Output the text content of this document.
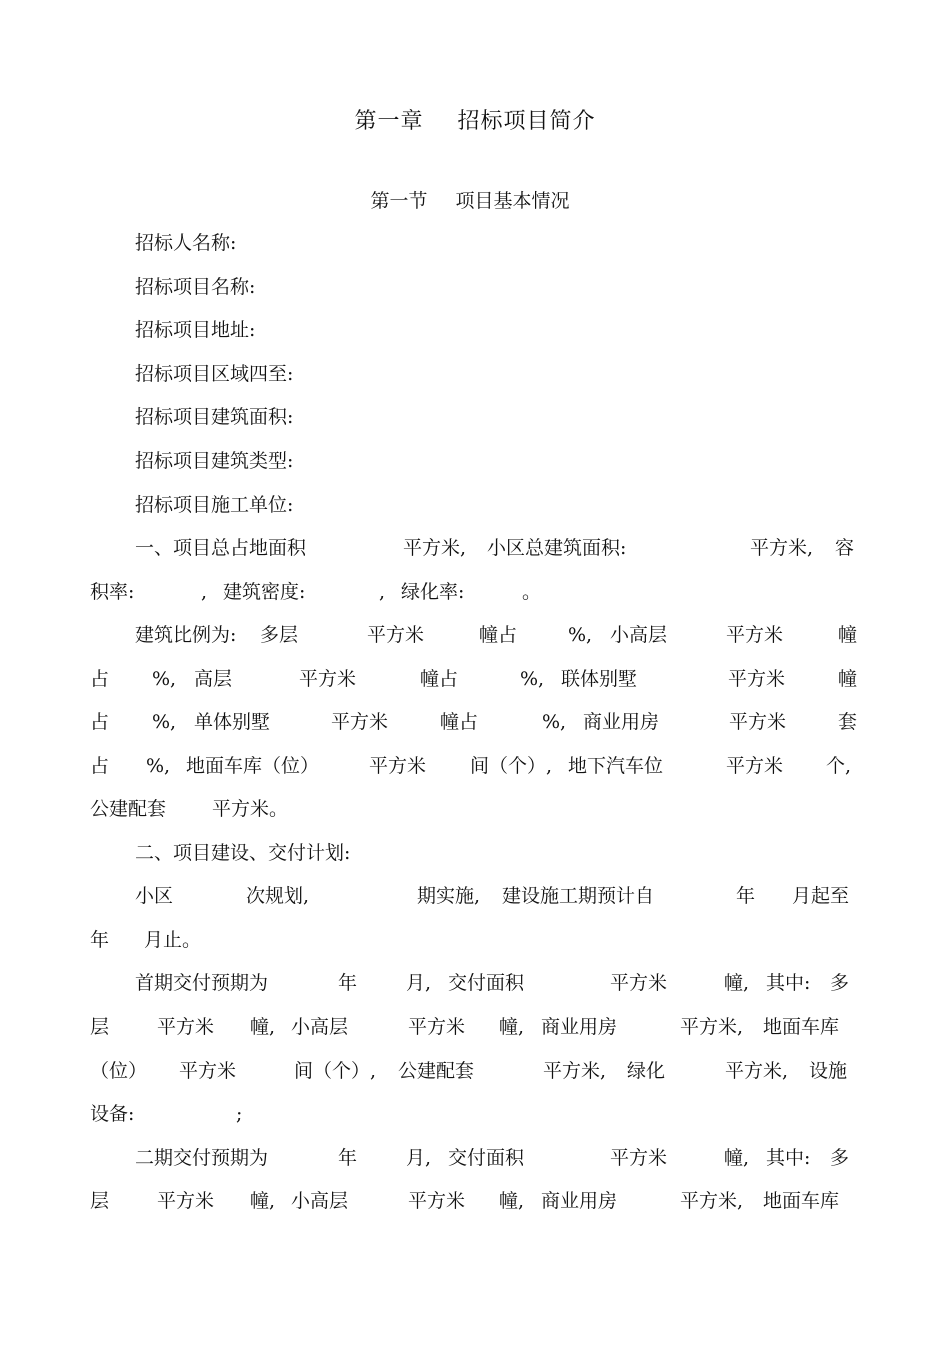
第一章 招标项目简介
第一节 项目基本情况
招标人名称:
招标项目名称:
招标项目地址:
招标项目区域四至:
招标项目建筑面积:
招标项目建筑类型:
招标项目施工单位:
一、项目总占地面积	平方米, 小区总建筑面积:	平方米, 容
积率:	, 建筑密度:	, 绿化率:	。
建筑比例为: 多层	平方米	幢占	%, 小高层	平方米	幢
占 %, 高层	平方米	幢占	%, 联体别墅	平方米	幢
占 %, 单体别墅	平方米	幢占	%, 商业用房	平方米	套
占 %, 地面车库（位）	平方米 间（个）, 地下汽车位	平方米 个,
公建配套 平方米。
二、项目建设、交付计划:
小区	次规划,	期实施, 建设施工期预计自	年 月起至
年 月止。
首期交付预期为	年	月, 交付面积	平方米	幢, 其中: 多
层	平方米 幢, 小高层	平方米 幢, 商业用房	平方米, 地面车库
（位） 平方米	间（个）, 公建配套	平方米, 绿化	平方米, 设施
设备:	;
二期交付预期为	年	月, 交付面积	平方米	幢, 其中: 多
层	平方米 幢, 小高层	平方米 幢, 商业用房	平方米, 地面车库
